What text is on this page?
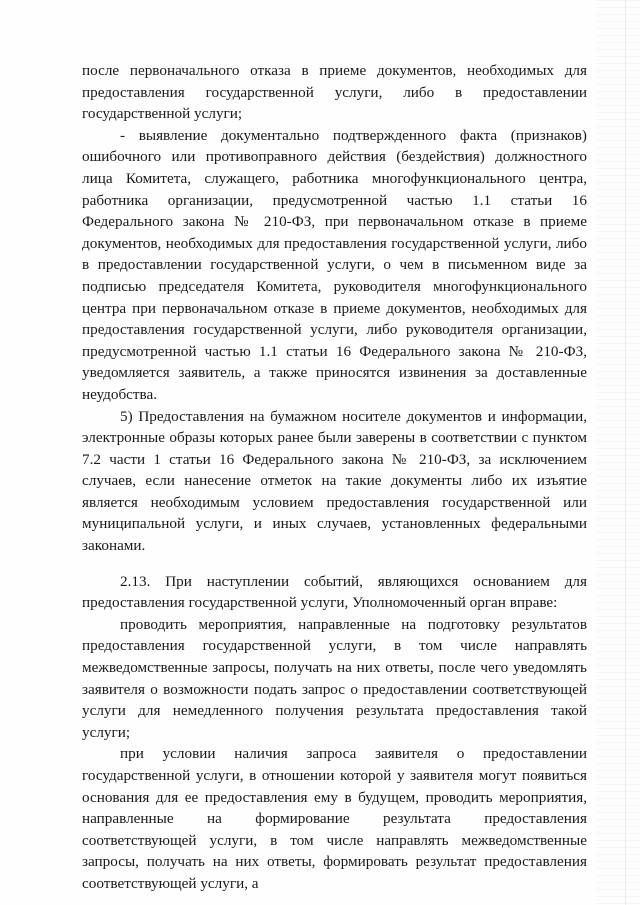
после первоначального отказа в приеме документов, необходимых для предоставления государственной услуги, либо в предоставлении государственной услуги;

- выявление документально подтвержденного факта (признаков) ошибочного или противоправного действия (бездействия) должностного лица Комитета, служащего, работника многофункционального центра, работника организации, предусмотренной частью 1.1 статьи 16 Федерального закона № 210-ФЗ, при первоначальном отказе в приеме документов, необходимых для предоставления государственной услуги, либо в предоставлении государственной услуги, о чем в письменном виде за подписью председателя Комитета, руководителя многофункционального центра при первоначальном отказе в приеме документов, необходимых для предоставления государственной услуги, либо руководителя организации, предусмотренной частью 1.1 статьи 16 Федерального закона № 210-ФЗ, уведомляется заявитель, а также приносятся извинения за доставленные неудобства.

5) Предоставления на бумажном носителе документов и информации, электронные образы которых ранее были заверены в соответствии с пунктом 7.2 части 1 статьи 16 Федерального закона № 210-ФЗ, за исключением случаев, если нанесение отметок на такие документы либо их изъятие является необходимым условием предоставления государственной или муниципальной услуги, и иных случаев, установленных федеральными законами.

2.13. При наступлении событий, являющихся основанием для предоставления государственной услуги, Уполномоченный орган вправе:

проводить мероприятия, направленные на подготовку результатов предоставления государственной услуги, в том числе направлять межведомственные запросы, получать на них ответы, после чего уведомлять заявителя о возможности подать запрос о предоставлении соответствующей услуги для немедленного получения результата предоставления такой услуги;

при условии наличия запроса заявителя о предоставлении государственной услуги, в отношении которой у заявителя могут появиться основания для ее предоставления ему в будущем, проводить мероприятия, направленные на формирование результата предоставления соответствующей услуги, в том числе направлять межведомственные запросы, получать на них ответы, формировать результат предоставления соответствующей услуги, а
